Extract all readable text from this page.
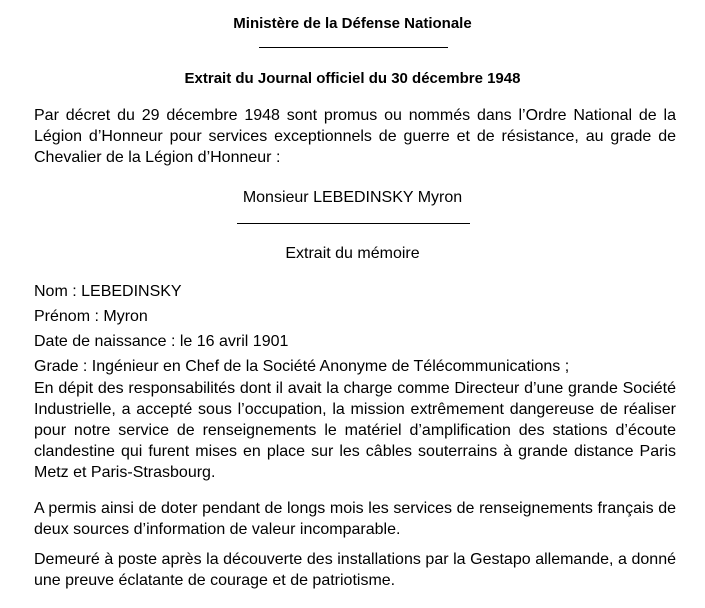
Ministère de la Défense Nationale
Extrait du Journal officiel du 30 décembre 1948
Par décret du 29 décembre 1948 sont promus ou nommés dans l’Ordre National de la Légion d’Honneur pour services exceptionnels de guerre et de résistance, au grade de Chevalier de la Légion d’Honneur :
Monsieur LEBEDINSKY Myron
Extrait du mémoire
Nom : LEBEDINSKY
Prénom : Myron
Date de naissance : le 16 avril 1901
Grade : Ingénieur en Chef de la Société Anonyme de Télécommunications ;
En dépit des responsabilités dont il avait la charge comme Directeur d’une grande Société Industrielle, a accepté sous l’occupation, la mission extrêmement dangereuse de réaliser pour notre service de renseignements le matériel d’amplification des stations d’écoute clandestine qui furent mises en place sur les câbles souterrains à grande distance Paris Metz et Paris-Strasbourg.
A permis ainsi de doter pendant de longs mois les services de renseignements français de deux sources d’information de valeur incomparable.
Demeuré à poste après la découverte des installations par la Gestapo allemande, a donné une preuve éclatante de courage et de patriotisme.
